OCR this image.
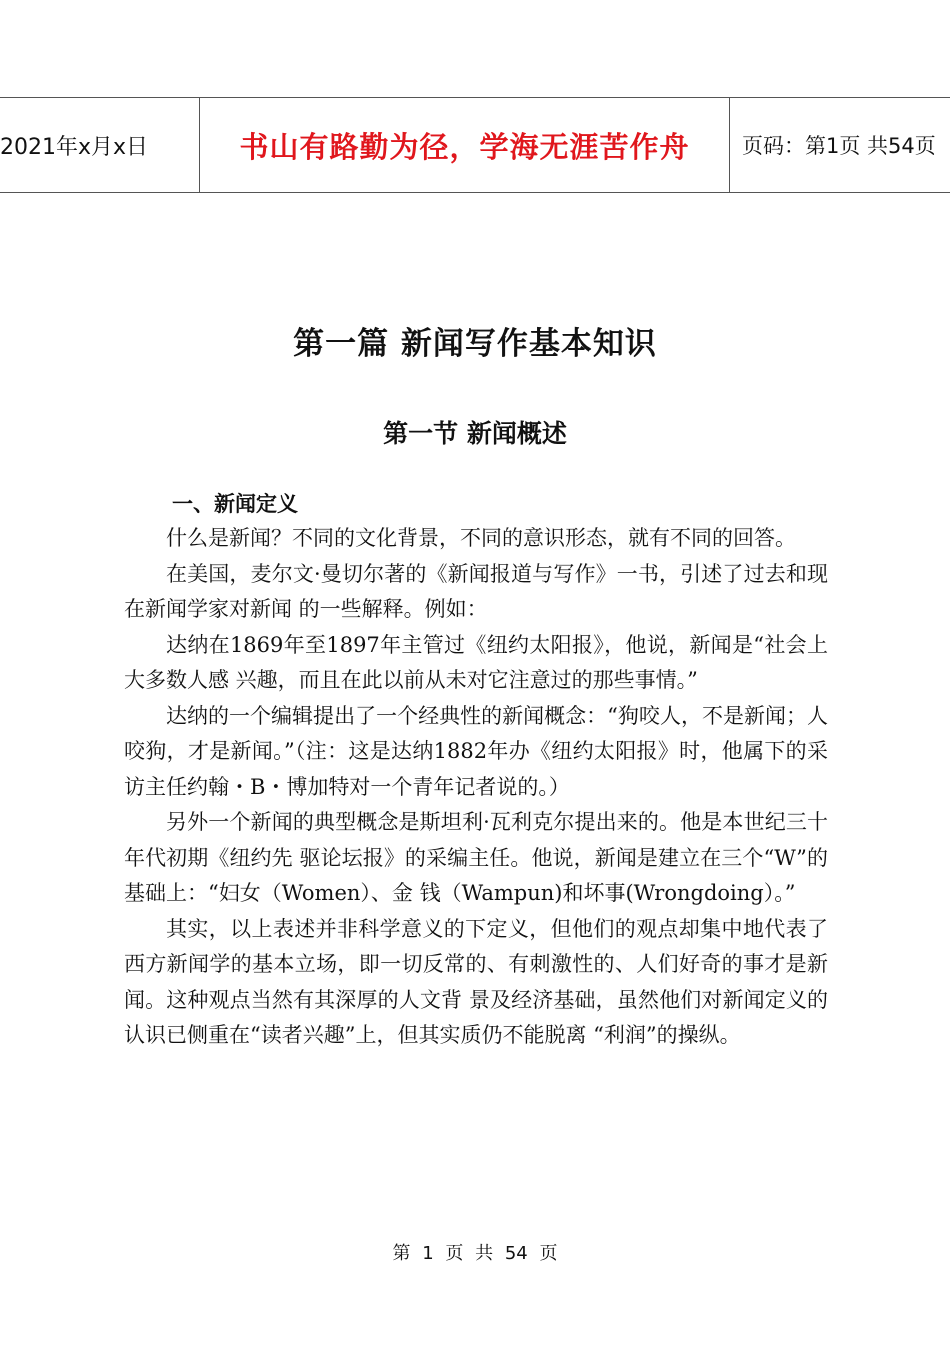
2021年x月x日	书山有路勤为径，学海无涯苦作舟	页码：第1页 共54页
第一篇 新闻写作基本知识
第一节 新闻概述
一、新闻定义

什么是新闻？不同的文化背景，不同的意识形态，就有不同的回答。

在美国，麦尔文·曼切尔著的《新闻报道与写作》一书，引述了过去和现在新闻学家对新闻 的一些解释。例如：

达纳在1869年至1897年主管过《纽约太阳报》，他说，新闻是“社会上大多数人感 兴趣，而且在此以前从未对它注意过的那些事情。”

达纳的一个编辑提出了一个经典性的新闻概念：“狗咬人，不是新闻；人咬狗，才是新闻。”（注：这是达纳1882年办《纽约太阳报》时，他属下的采访主任约翰・B・博加特对一个青年记者说的。）

另外一个新闻的典型概念是斯坦利·瓦利克尔提出来的。他是本世纪三十年代初期《纽约先 驱论坛报》的采编主任。他说，新闻是建立在三个“W”的基础上：“妇女（Women）、金 钱（Wampun)和坏事(Wrongdoing）。”

其实，以上表述并非科学意义的下定义，但他们的观点却集中地代表了西方新闻学的基本立场，即一切反常的、有刺激性的、人们好奇的事才是新闻。这种观点当然有其深厚的人文背 景及经济基础，虽然他们对新闻定义的认识已侧重在“读者兴趣”上，但其实质仍不能脱离 “利润”的操纵。

第 1 页 共 54 页
